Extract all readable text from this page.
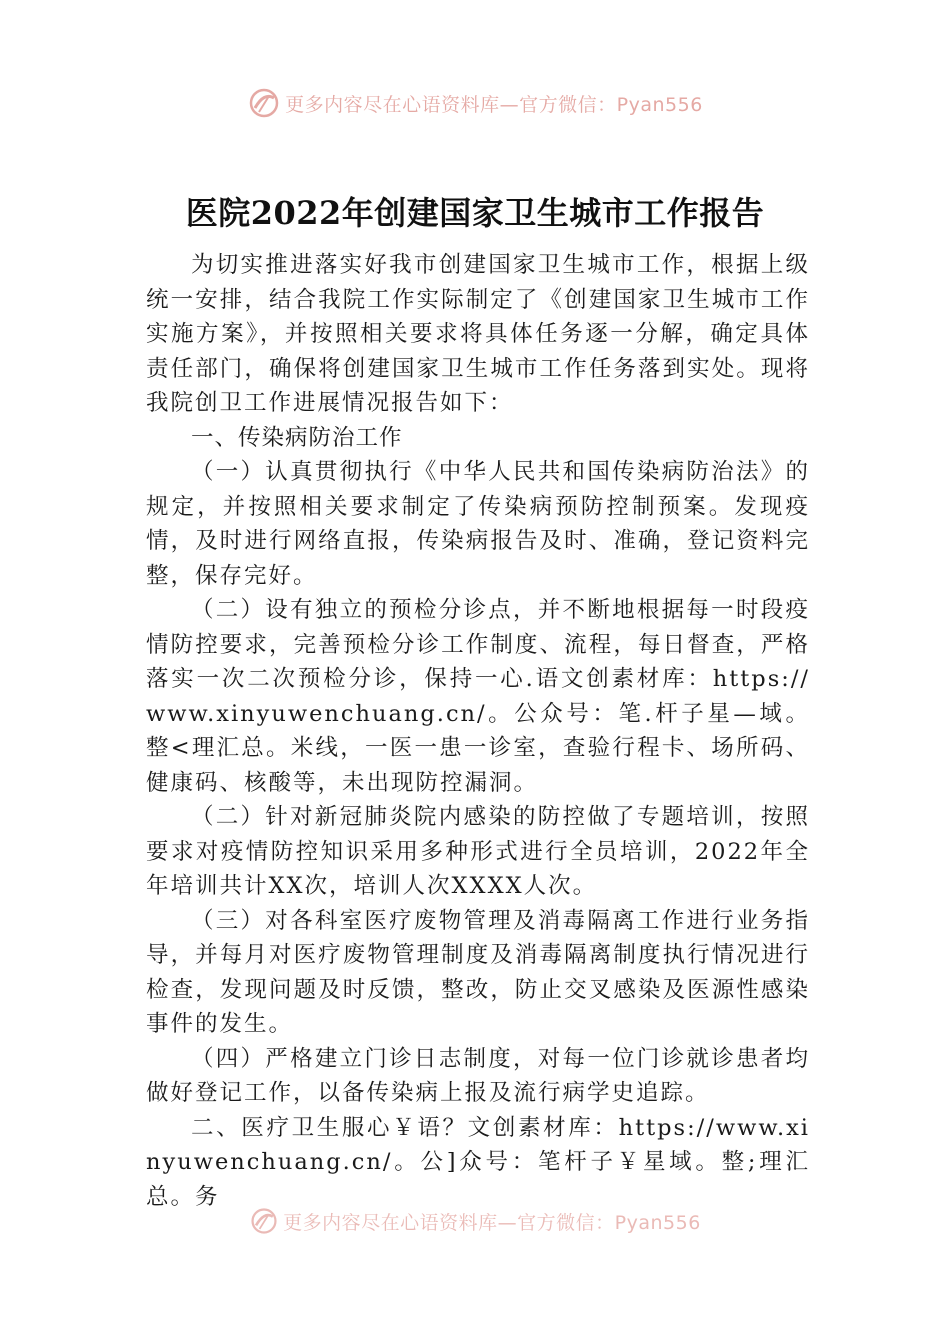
更多内容尽在心语资料库—官方微信：Pyan556
医院2022年创建国家卫生城市工作报告

为切实推进落实好我市创建国家卫生城市工作，根据上级统一安排，结合我院工作实际制定了《创建国家卫生城市工作实施方案》，并按照相关要求将具体任务逐一分解，确定具体责任部门，确保将创建国家卫生城市工作任务落到实处。现将我院创卫工作进展情况报告如下：

一、传染病防治工作

（一）认真贯彻执行《中华人民共和国传染病防治法》的规定，并按照相关要求制定了传染病预防控制预案。发现疫情，及时进行网络直报，传染病报告及时、准确，登记资料完整，保存完好。

（二）设有独立的预检分诊点，并不断地根据每一时段疫情防控要求，完善预检分诊工作制度、流程，每日督查，严格落实一次二次预检分诊，保持一心.语文创素材库：https://www.xinyuwenchuang.cn/。公众号：笔.杆子星—域。整<理汇总。米线，一医一患一诊室，查验行程卡、场所码、健康码、核酸等，未出现防控漏洞。

（二）针对新冠肺炎院内感染的防控做了专题培训，按照要求对疫情防控知识采用多种形式进行全员培训，2022年全年培训共计XX次，培训人次XXXX人次。

（三）对各科室医疗废物管理及消毒隔离工作进行业务指导，并每月对医疗废物管理制度及消毒隔离制度执行情况进行检查，发现问题及时反馈，整改，防止交叉感染及医源性感染事件的发生。

（四）严格建立门诊日志制度，对每一位门诊就诊患者均做好登记工作，以备传染病上报及流行病学史追踪。

二、医疗卫生服心￥语？文创素材库：https://www.xinyuwenchuang.cn/。公]众号：笔杆子￥星域。整;理汇总。务

更多内容尽在心语资料库—官方微信：Pyan556
